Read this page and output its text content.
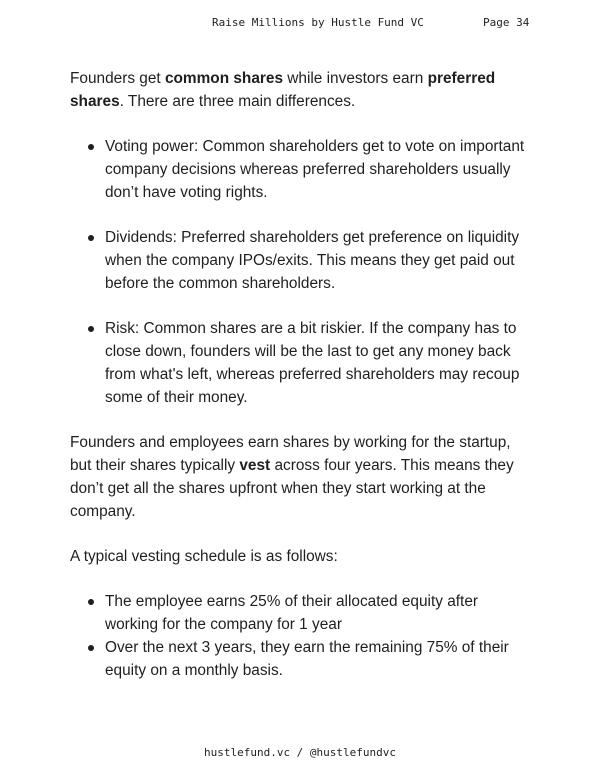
Raise Millions by Hustle Fund VC	Page 34

Founders get common shares while investors earn preferred shares. There are three main differences.

Voting power: Common shareholders get to vote on important company decisions whereas preferred shareholders usually don’t have voting rights.
Dividends: Preferred shareholders get preference on liquidity when the company IPOs/exits. This means they get paid out before the common shareholders.
Risk: Common shares are a bit riskier. If the company has to close down, founders will be the last to get any money back from what's left, whereas preferred shareholders may recoup some of their money.

Founders and employees earn shares by working for the startup, but their shares typically vest across four years. This means they don’t get all the shares upfront when they start working at the company.

A typical vesting schedule is as follows:

The employee earns 25% of their allocated equity after working for the company for 1 year
Over the next 3 years, they earn the remaining 75% of their equity on a monthly basis.
hustlefund.vc / @hustlefundvc
